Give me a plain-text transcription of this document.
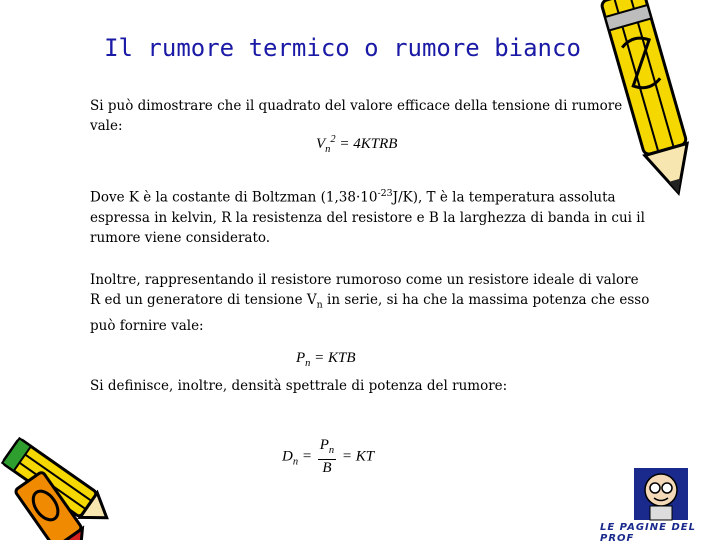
Il rumore termico o rumore bianco
Si può dimostrare che il quadrato del valore efficace della tensione di rumore vale:
$V_n^2$ = 4KTRB
Dove K è la costante di Boltzman $(1,38\cdot 10^{-23}J/K)$, T è la temperatura assoluta espressa in kelvin, R la resistenza del resistore e B la larghezza di banda in cui il rumore viene considerato.
Inoltre, rappresentando il resistore rumoroso come un resistore ideale di valore R ed un generatore di tensione $V_n$ in serie, si ha che la massima potenza che esso può fornire vale:
$P_n$ = KTB
Si definisce, inoltre, densità spettrale di potenza del rumore:
$D_n = \frac{P_n}{B}$ = KT
LE PAGINE DEL PROF
